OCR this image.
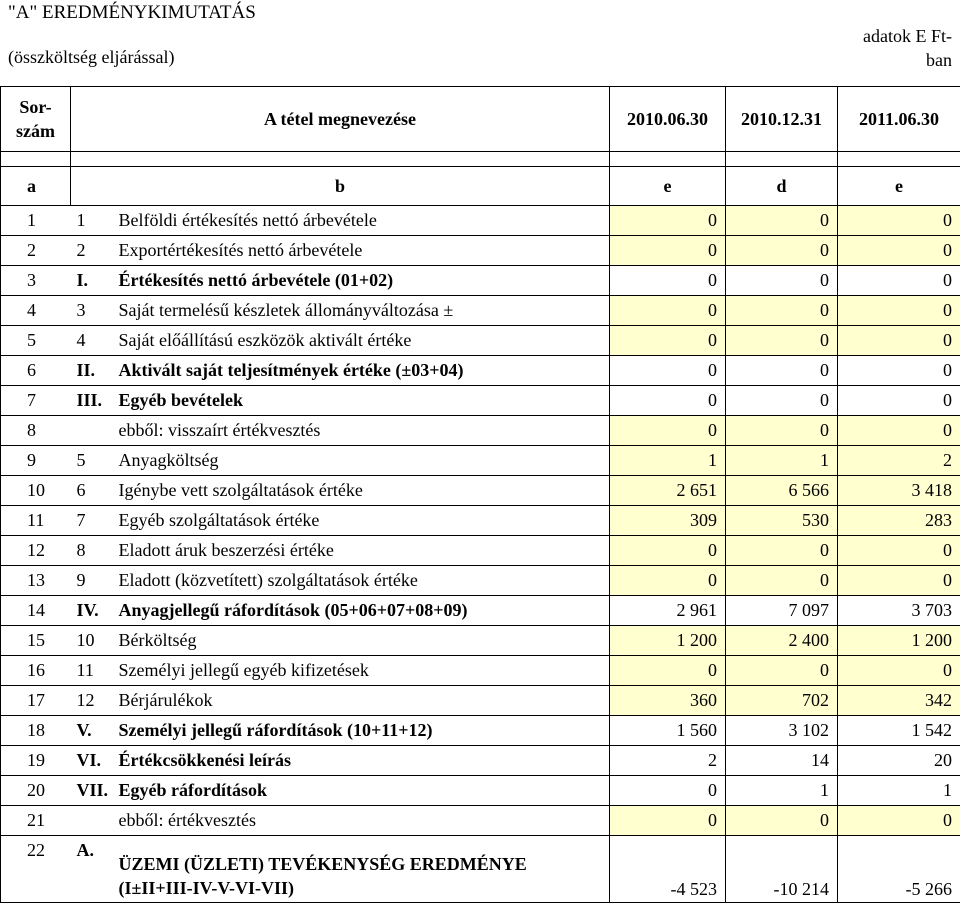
"A" EREDMÉNYKIMUTATÁS
(összköltség eljárással)
adatok E Ft-
ban
Sor-
szám	A tétel megnevezése		2010.06.30	2010.12.31	2011.06.30

a	b		e	d	e
1	1	Belföldi értékesítés nettó árbevétele	0	0	0
2	2	Exportértékesítés nettó árbevétele	0	0	0
3	I.	Értékesítés nettó árbevétele (01+02)	0	0	0
4	3	Saját termelésű készletek állományváltozása ±	0	0	0
5	4	Saját előállítású eszközök aktivált értéke	0	0	0
6	II.	Aktivált saját teljesítmények értéke (±03+04)	0	0	0
7	III.	Egyéb bevételek	0	0	0
8		ebből: visszaírt értékvesztés	0	0	0
9	5	Anyagköltség	1	1	2
10	6	Igénybe vett szolgáltatások értéke	2 651	6 566	3 418
11	7	Egyéb szolgáltatások értéke	309	530	283
12	8	Eladott áruk beszerzési értéke	0	0	0
13	9	Eladott (közvetített) szolgáltatások értéke	0	0	0
14	IV.	Anyagjellegű ráfordítások (05+06+07+08+09)	2 961	7 097	3 703
15	10	Bérköltség	1 200	2 400	1 200
16	11	Személyi jellegű egyéb kifizetések	0	0	0
17	12	Bérjárulékok	360	702	342
18	V.	Személyi jellegű ráfordítások (10+11+12)	1 560	3 102	1 542
19	VI.	Értékcsökkenési leírás	2	14	20
20	VII.	Egyéb ráfordítások	0	1	1
21		ebből: értékvesztés	0	0	0
22	A.	ÜZEMI (ÜZLETI) TEVÉKENYSÉG EREDMÉNYE
(I±II+III-IV-V-VI-VII)	-4 523	-10 214	-5 266
